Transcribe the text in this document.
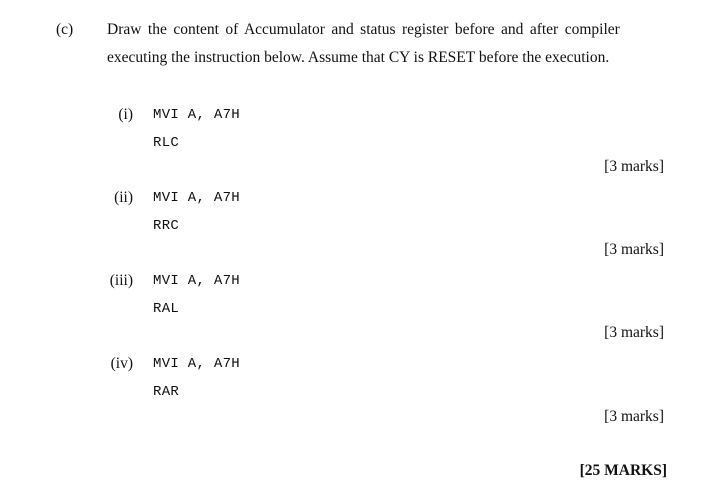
(c) Draw the content of Accumulator and status register before and after compiler
executing the instruction below. Assume that CY is RESET before the execution.
(i) MVI A, A7H
RLC
[3 marks]
(ii) MVI A, A7H
RRC
[3 marks]
(iii) MVI A, A7H
RAL
[3 marks]
(iv) MVI A, A7H
RAR
[3 marks]
[25 MARKS]
